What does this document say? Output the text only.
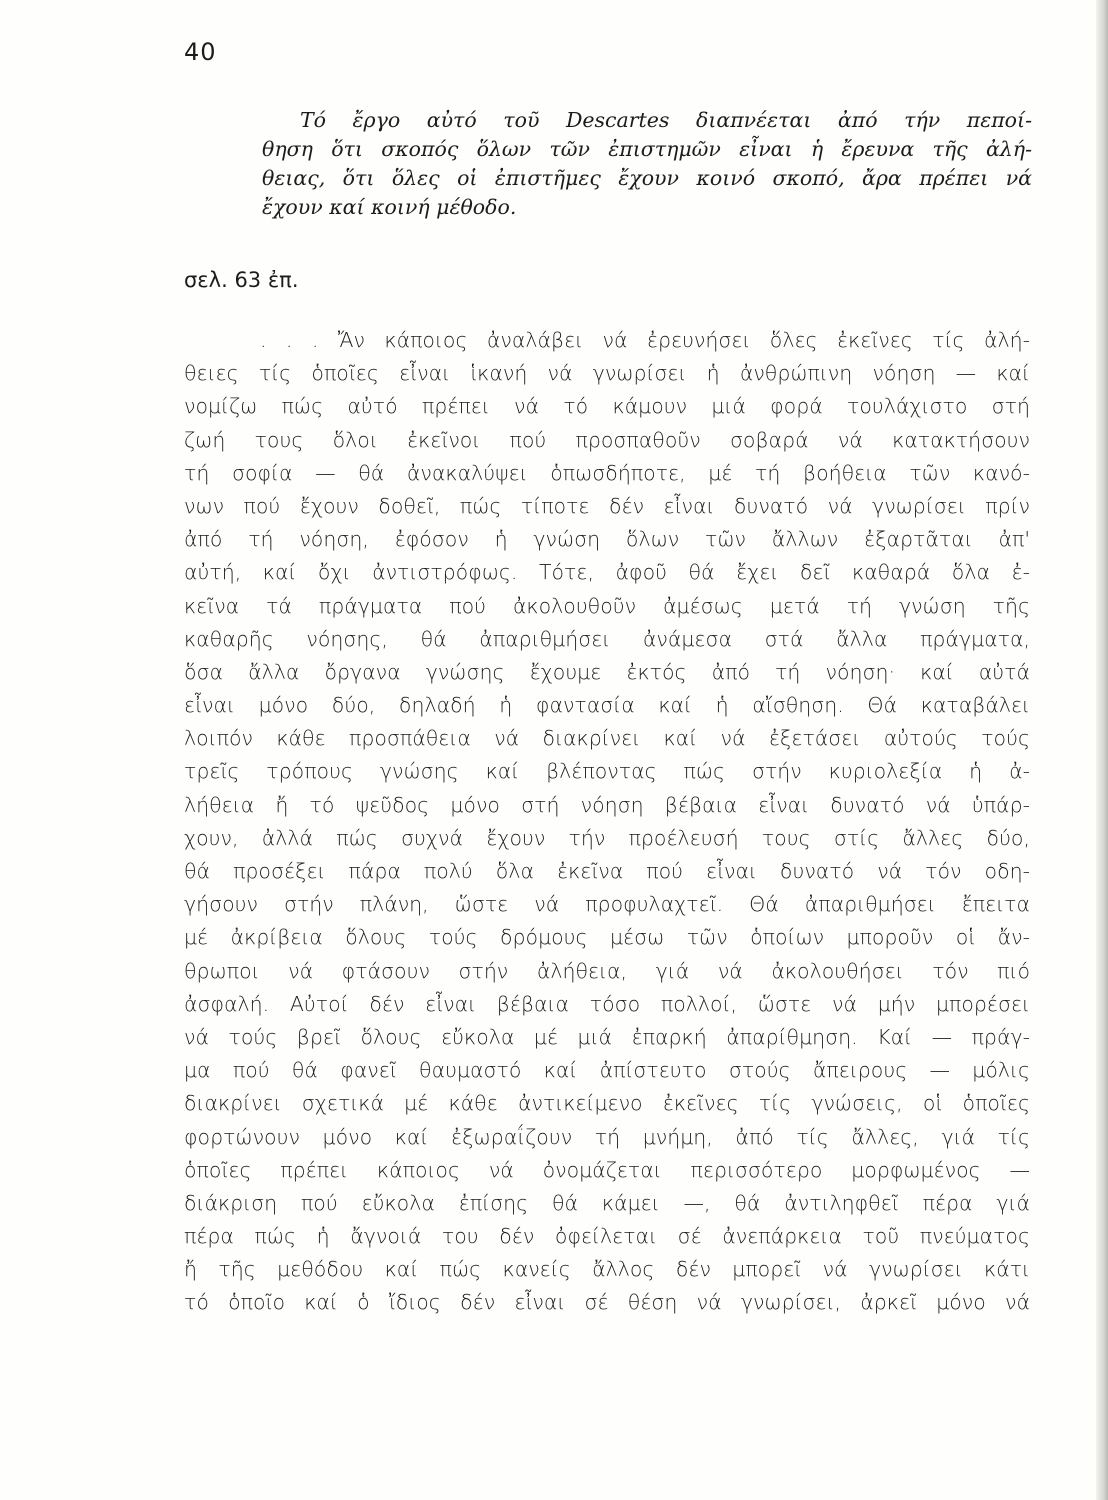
40
Τό ἔργο αὐτό τοῦ Descartes διαπνέεται ἀπό τήν πεποί-
θηση ὅτι σκοπός ὅλων τῶν ἐπιστημῶν εἶναι ἡ ἔρευνα τῆς ἀλή-
θειας, ὅτι ὅλες οἱ ἐπιστῆμες ἔχουν κοινό σκοπό, ἄρα πρέπει νά
ἔχουν καί κοινή μέθοδο.
σελ. 63 ἐπ.
. . . Ἄν κάποιος ἀναλάβει νά ἐρευνήσει ὅλες ἐκεῖνες τίς ἀλή-
θειες τίς ὁποῖες εἶναι ἱκανή νά γνωρίσει ἡ ἀνθρώπινη νόηση — καί
νομίζω πώς αὐτό πρέπει νά τό κάμουν μιά φορά τουλάχιστο στή
ζωή τους ὅλοι ἐκεῖνοι πού προσπαθοῦν σοβαρά νά κατακτήσουν
τή σοφία — θά ἀνακαλύψει ὁπωσδήποτε, μέ τή βοήθεια τῶν κανό-
νων πού ἔχουν δοθεῖ, πώς τίποτε δέν εἶναι δυνατό νά γνωρίσει πρίν
ἀπό τή νόηση, ἐφόσον ἡ γνώση ὅλων τῶν ἄλλων ἐξαρτᾶται ἀπ'
αὐτή, καί ὄχι ἀντιστρόφως. Τότε, ἀφοῦ θά ἔχει δεῖ καθαρά ὅλα ἐ-
κεῖνα τά πράγματα πού ἀκολουθοῦν ἀμέσως μετά τή γνώση τῆς
καθαρῆς νόησης, θά ἀπαριθμήσει ἀνάμεσα στά ἄλλα πράγματα,
ὅσα ἄλλα ὄργανα γνώσης ἔχουμε ἐκτός ἀπό τή νόηση· καί αὐτά
εἶναι μόνο δύο, δηλαδή ἡ φαντασία καί ἡ αἴσθηση. Θά καταβάλει
λοιπόν κάθε προσπάθεια νά διακρίνει καί νά ἐξετάσει αὐτούς τούς
τρεῖς τρόπους γνώσης καί βλέποντας πώς στήν κυριολεξία ἡ ἀ-
λήθεια ἤ τό ψεῦδος μόνο στή νόηση βέβαια εἶναι δυνατό νά ὑπάρ-
χουν, ἀλλά πώς συχνά ἔχουν τήν προέλευσή τους στίς ἄλλες δύο,
θά προσέξει πάρα πολύ ὅλα ἐκεῖνα πού εἶναι δυνατό νά τόν οδη-
γήσουν στήν πλάνη, ὥστε νά προφυλαχτεῖ. Θά ἀπαριθμήσει ἔπειτα
μέ ἀκρίβεια ὅλους τούς δρόμους μέσω τῶν ὁποίων μποροῦν οἱ ἄν-
θρωποι νά φτάσουν στήν ἀλήθεια, γιά νά ἀκολουθήσει τόν πιό
ἀσφαλή. Αὐτοί δέν εἶναι βέβαια τόσο πολλοί, ὥστε νά μήν μπορέσει
νά τούς βρεῖ ὅλους εὔκολα μέ μιά ἐπαρκή ἀπαρίθμηση. Καί — πράγ-
μα πού θά φανεῖ θαυμαστό καί ἀπίστευτο στούς ἄπειρους — μόλις
διακρίνει σχετικά μέ κάθε ἀντικείμενο ἐκεῖνες τίς γνώσεις, οἱ ὁποῖες
φορτώνουν μόνο καί ἐξωραΐζουν τή μνήμη, ἀπό τίς ἄλλες, γιά τίς
ὁποῖες πρέπει κάποιος νά ὀνομάζεται περισσότερο μορφωμένος —
διάκριση πού εὔκολα ἐπίσης θά κάμει —, θά ἀντιληφθεῖ πέρα γιά
πέρα πώς ἡ ἄγνοιά του δέν ὀφείλεται σέ ἀνεπάρκεια τοῦ πνεύματος
ἤ τῆς μεθόδου καί πώς κανείς ἄλλος δέν μπορεῖ νά γνωρίσει κάτι
τό ὁποῖο καί ὁ ἴδιος δέν εἶναι σέ θέση νά γνωρίσει, ἀρκεῖ μόνο νά
